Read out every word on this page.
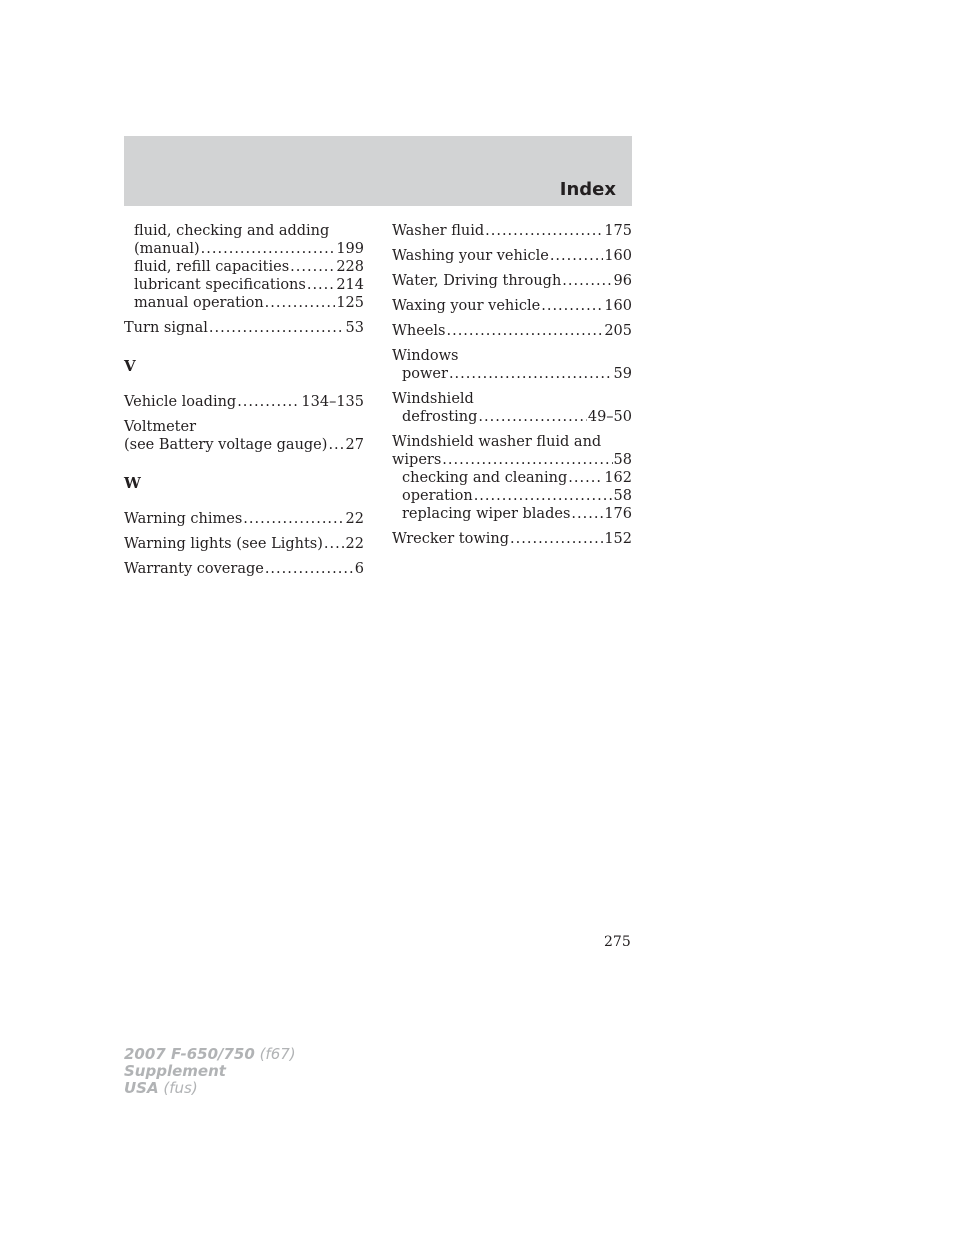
Index
fluid, checking and adding
(manual) .....	199
fluid, refill capacities .....	228
lubricant specifications ..... 214
manual operation .....	125
Turn signal .....	53
V
Vehicle loading .....	134–135
Voltmeter
(see Battery voltage gauge) ..... 27
W
Warning chimes .....	22
Warning lights (see Lights) ..... 22
Warranty coverage .....	6
Washer fluid .....	175
Washing your vehicle .....	160
Water, Driving through .....	96
Waxing your vehicle .....	160
Wheels .....	205
Windows
power .....	59
Windshield
defrosting .....	49–50
Windshield washer fluid and
wipers .....	58
checking and cleaning .....	162
operation .....	58
replacing wiper blades ..... 176
Wrecker towing .....	152
275
2007 F-650/750 (f67)
Supplement
USA (fus)
